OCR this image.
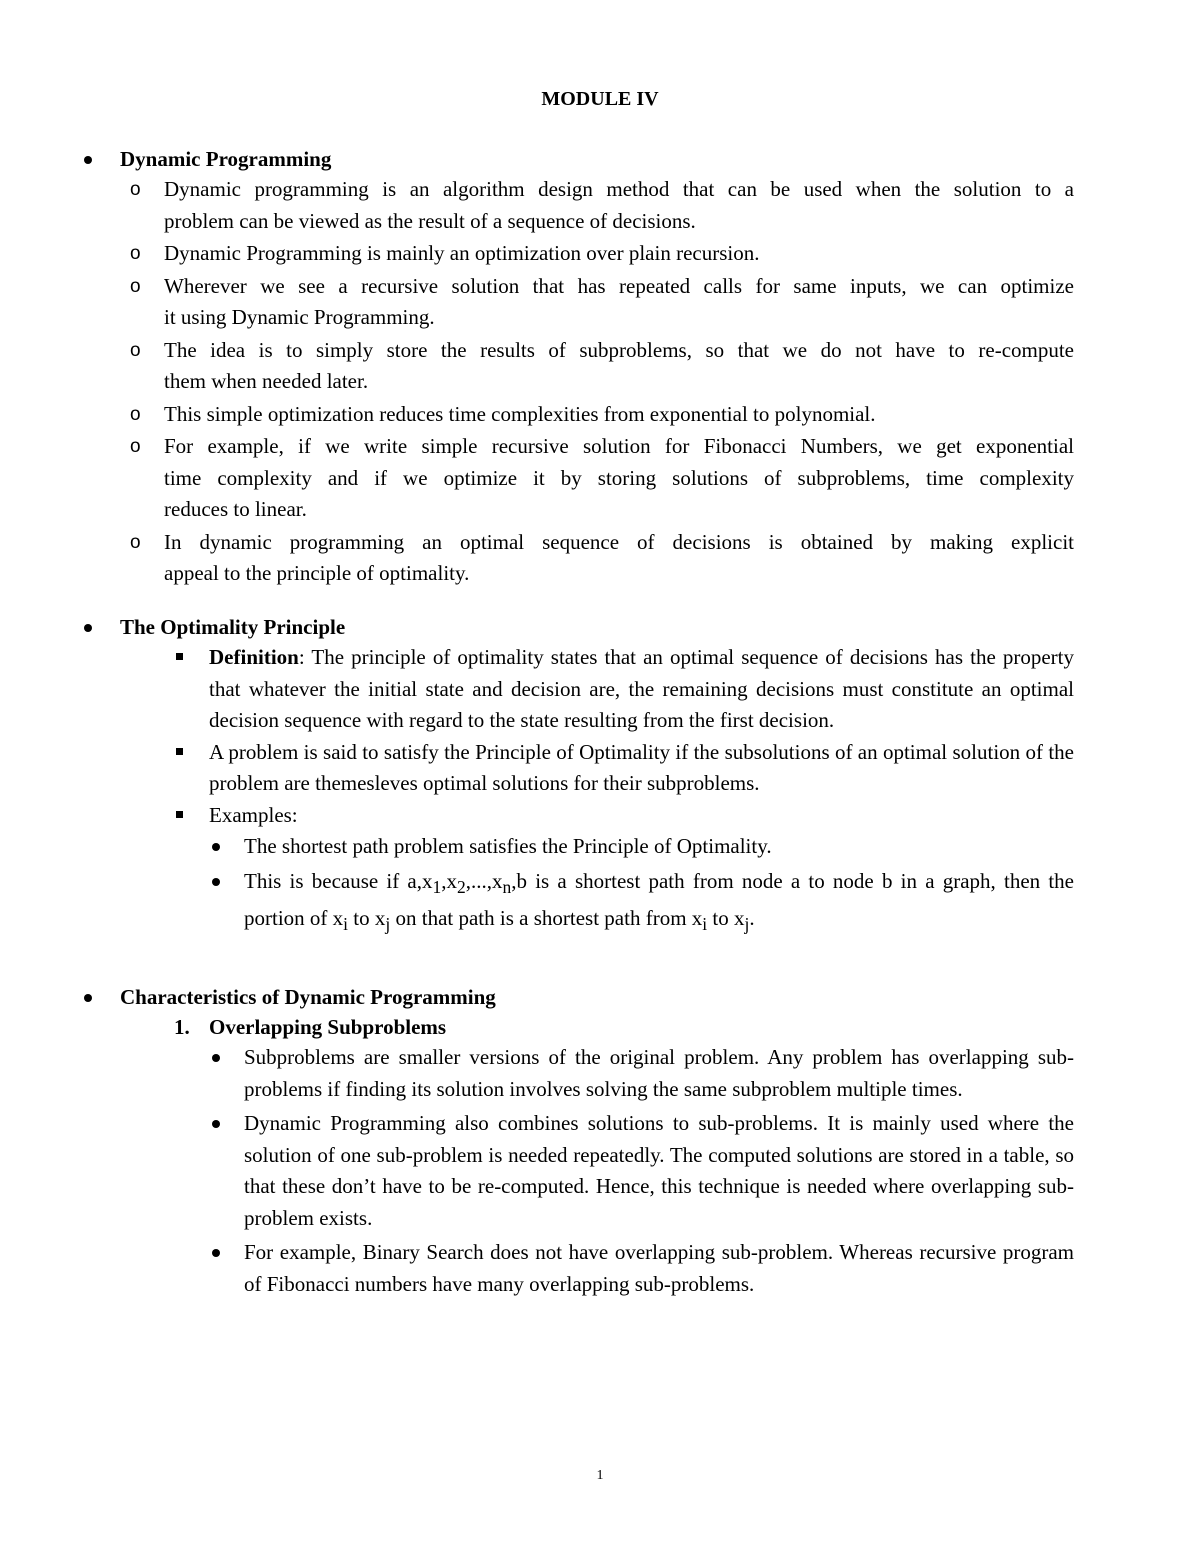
MODULE IV
Dynamic Programming
o Dynamic programming is an algorithm design method that can be used when the solution to a
problem can be viewed as the result of a sequence of decisions.
o Dynamic Programming is mainly an optimization over plain recursion.
o Wherever we see a recursive solution that has repeated calls for same inputs, we can optimize
it using Dynamic Programming.
o The idea is to simply store the results of subproblems, so that we do not have to re-compute
them when needed later.
o This simple optimization reduces time complexities from exponential to polynomial.
o For example, if we write simple recursive solution for Fibonacci Numbers, we get exponential
time complexity and if we optimize it by storing solutions of subproblems, time complexity
reduces to linear.
o In dynamic programming an optimal sequence of decisions is obtained by making explicit
appeal to the principle of optimality.
The Optimality Principle
Definition: The principle of optimality states that an optimal sequence of decisions has the property that whatever the initial state and decision are, the remaining decisions must constitute an optimal decision sequence with regard to the state resulting from the first decision.
A problem is said to satisfy the Principle of Optimality if the subsolutions of an optimal solution of the problem are themesleves optimal solutions for their subproblems.
Examples:
The shortest path problem satisfies the Principle of Optimality.
This is because if $a,x_1,x_2,...,x_n,b$ is a shortest path from node a to node b in a graph, then the portion of $x_i$ to $x_j$ on that path is a shortest path from $x_i$ to $x_j$.
Characteristics of Dynamic Programming
1. Overlapping Subproblems
Subproblems are smaller versions of the original problem. Any problem has overlapping sub-problems if finding its solution involves solving the same subproblem multiple times.
Dynamic Programming also combines solutions to sub-problems. It is mainly used where the solution of one sub-problem is needed repeatedly. The computed solutions are stored in a table, so that these don’t have to be re-computed. Hence, this technique is needed where overlapping sub-problem exists.
For example, Binary Search does not have overlapping sub-problem. Whereas recursive program of Fibonacci numbers have many overlapping sub-problems.
1
